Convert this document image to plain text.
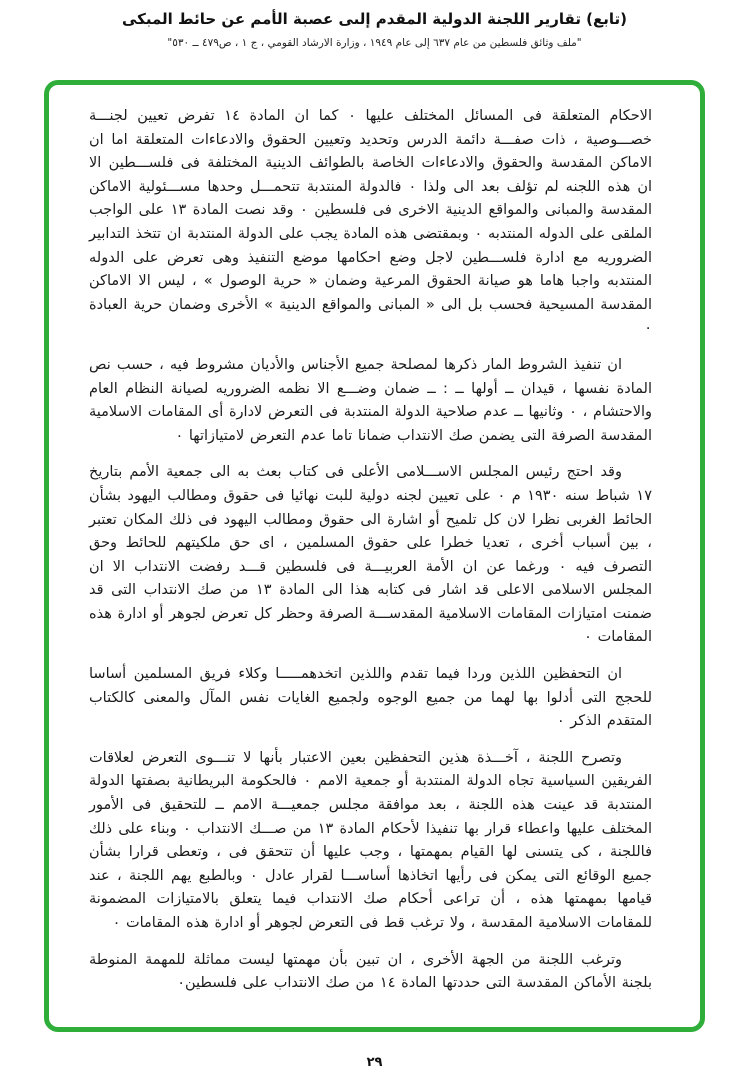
(تابع) تقارير اللجنة الدولية المقدم إلىى عصبة الأمم عن حائط المبكى
"ملف وثائق فلسطين من عام ٦٣٧ إلى عام ١٩٤٩ ، وزارة الارشاد القومي ، ج ١ ، ص٤٧٩ ــ ٥٣٠"

الاحكام المتعلقة فى المسائل المختلف عليها ٠ كما ان المادة ١٤ تفرض تعيين لجنـــة خصـــوصية ، ذات صفـــة دائمة الدرس وتحديد وتعيين الحقوق والادعاءات المتعلقة اما ان الاماكن المقدسة والحقوق والادعاءات الخاصة بالطوائف الدينية المختلفة فى فلســـطين الا ان هذه اللجنه لم تؤلف بعد الى ولذا ٠ فالدولة المنتدبة تتحمـــل وحدها مســـئولية الاماكن المقدسة والمبانى والمواقع الدينية الاخرى فى فلسطين ٠ وقد نصت المادة ١٣ على الواجب الملقى على الدوله المنتدبه ٠ وبمقتضى هذه المادة يجب على الدولة المنتدبة ان تتخذ التدابير الضروريه مع ادارة فلســـطين لاجل وضع احكامها موضع التنفيذ وهى تعرض على الدوله المنتدبه واجبا هاما هو صيانة الحقوق المرعية وضمان « حرية الوصول » ، ليس الا الاماكن المقدسة المسيحية فحسب بل الى « المبانى والمواقع الدينية » الأخرى وضمان حرية العبادة ٠

ان تنفيذ الشروط المار ذكرها لمصلحة جميع الأجناس والأديان مشروط فيه ، حسب نص المادة نفسها ، قيدان ــ أولها ــ : ــ ضمان وضـــع الا نظمه الضروريه لصيانة النظام العام والاحتشام ، ٠ وثانيها ــ عدم صلاحية الدولة المنتدبة فى التعرض لادارة أى المقامات الاسلامية المقدسة الصرفة التى يضمن صك الانتداب ضمانا تاما عدم التعرض لامتيازاتها ٠

وقد احتج رئيس المجلس الاســـلامى الأعلى فى كتاب بعث به الى جمعية الأمم بتاريخ ١٧ شباط سنه ١٩٣٠ م ٠ على تعيين لجنه دولية للبت نهائيا فى حقوق ومطالب اليهود بشأن الحائط الغربى نظرا لان كل تلميح أو اشارة الى حقوق ومطالب اليهود فى ذلك المكان تعتبر ، بين أسباب أخرى ، تعديا خطرا على حقوق المسلمين ، اى حق ملكيتهم للحائط وحق التصرف فيه ٠ ورغما عن ان الأمة العربيـــة فى فلسطين قـــد رفضت الانتداب الا ان المجلس الاسلامى الاعلى قد اشار فى كتابه هذا الى المادة ١٣ من صك الانتداب التى قد ضمنت امتيازات المقامات الاسلامية المقدســـة الصرفة وحظر كل تعرض لجوهر أو ادارة هذه المقامات ٠

ان التحفظين اللذين وردا فيما تقدم واللذين اتخدهمـــــا وكلاء فريق المسلمين أساسا للحجج التى أدلوا بها لهما من جميع الوجوه ولجميع الغايات نفس المآل والمعنى كالكتاب المتقدم الذكر ٠

وتصرح اللجنة ، آخـــذة هذين التحفظين بعين الاعتبار بأنها لا تنـــوى التعرض لعلاقات الفريقين السياسية تجاه الدولة المنتدبة أو جمعية الامم ٠ فالحكومة البريطانية بصفتها الدولة المنتدبة قد عينت هذه اللجنة ، بعد موافقة مجلس جمعيـــة الامم ــ للتحقيق فى الأمور المختلف عليها واعطاء قرار بها تنفيذا لأحكام المادة ١٣ من صـــك الانتداب ٠ وبناء على ذلك فاللجنة ، كى يتسنى لها القيام بمهمتها ، وجب عليها أن تتحقق فى ، وتعطى قرارا بشأن جميع الوقائع التى يمكن فى رأيها اتخاذها أساســـا لقرار عادل ٠ وبالطبع يهم اللجنة ، عند قيامها بمهمتها هذه ، أن تراعى أحكام صك الانتداب فيما يتعلق بالامتيازات المضمونة للمقامات الاسلامية المقدسة ، ولا ترغب قط فى التعرض لجوهر أو ادارة هذه المقامات ٠

وترغب اللجنة من الجهة الأخرى ، ان تبين بأن مهمتها ليست مماثلة للمهمة المنوطة بلجنة الأماكن المقدسة التى حددتها المادة ١٤ من صك الانتداب على فلسطين٠

٢٩
